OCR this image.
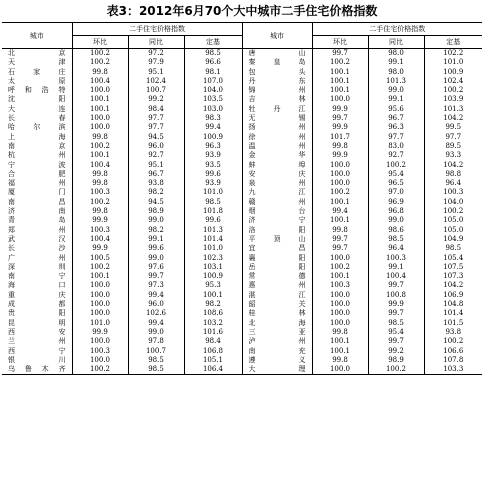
表3：2012年6月70个大中城市二手住宅价格指数
城市	二手住宅价格指数			城市	二手住宅价格指数		
	环比	同比	定基		环比	同比	定基
北　　京	100.2	97.2	98.5	唐　　山	99.7	98.0	102.2
天　　津	100.2	97.9	96.6	秦皇岛	100.2	99.1	101.0
石家庄	99.8	95.1	98.1	包　　头	100.1	98.0	100.9
太　　原	100.4	102.4	107.0	丹　　东	100.1	101.3	102.4
呼和浩特	100.0	100.7	104.0	锦　　州	100.1	99.0	100.2
沈　　阳	100.1	99.2	103.5	吉　　林	100.0	99.1	103.9
大　　连	100.1	98.4	103.0	牡丹江	99.9	95.6	101.3
长　　春	100.0	97.7	98.3	无　　锡	99.7	96.7	104.2
哈尔滨	100.0	97.7	99.4	扬　　州	99.9	96.3	99.5
上　　海	99.8	94.5	100.9	徐　　州	101.7	97.7	97.7
南　　京	100.2	96.0	96.3	温　　州	99.8	83.0	89.5
杭　　州	100.1	92.7	93.9	金　　华	99.9	92.7	93.3
宁　　波	100.4	95.1	93.5	蚌　　埠	100.0	100.2	104.2
合　　肥	99.8	96.7	99.6	安　　庆	100.0	95.4	98.8
福　　州	99.8	93.8	93.9	泉　　州	100.0	96.5	96.4
厦　　门	100.3	98.2	101.0	九　　江	100.2	97.0	100.3
南　　昌	100.2	94.5	98.5	赣　　州	100.1	96.9	104.0
济　　南	99.8	98.9	101.8	烟　　台	99.4	96.8	100.2
青　　岛	99.9	99.0	99.6	济　　宁	100.1	99.0	105.0
郑　　州	100.3	98.2	101.3	洛　　阳	99.8	98.6	105.0
武　　汉	100.4	99.1	101.4	平顶山	99.7	98.5	104.9
长　　沙	99.9	99.6	101.0	宜　　昌	99.7	96.4	98.5
广　　州	100.5	99.0	102.3	襄　　阳	100.0	100.3	105.4
深　　圳	100.2	97.6	103.1	岳　　阳	100.2	99.1	107.5
南　　宁	100.1	99.7	100.9	常　　德	100.1	100.4	107.3
海　　口	100.0	97.3	95.3	惠　　州	100.3	99.7	104.2
重　　庆	100.0	99.4	100.1	湛　　江	100.0	100.8	106.9
成　　都	100.0	96.0	98.2	韶　　关	100.0	99.9	104.8
贵　　阳	100.0	102.6	108.6	桂　　林	100.0	99.7	101.4
昆　　明	101.0	99.4	103.2	北　　海	100.0	98.5	101.5
西　　安	99.9	99.0	101.6	三　　亚	99.8	95.4	93.8
兰　　州	100.0	97.8	98.4	泸　　州	100.1	99.7	100.2
西　　宁	100.3	100.7	106.8	南　　充	100.1	99.2	106.6
银　　川	100.0	98.5	105.1	遵　　义	99.8	98.9	107.8
乌鲁木齐	100.2	98.5	106.4	大　　理	100.0	100.2	103.3
